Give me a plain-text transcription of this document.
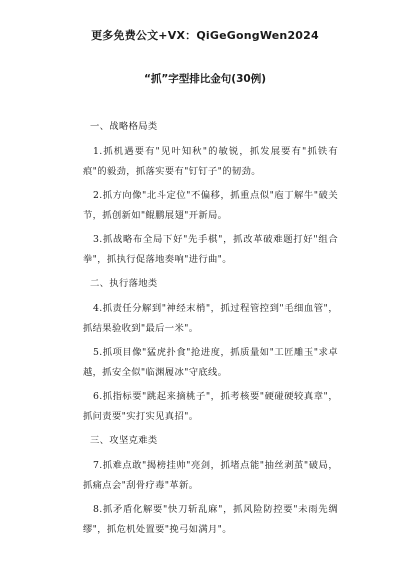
更多免费公文+VX：QiGeGongWen2024
“抓”字型排比金句(30例)
一、战略格局类

1.抓机遇要有"见叶知秋"的敏锐，抓发展要有"抓铁有痕"的毅劲，抓落实要有"钉钉子"的韧劲。

2.抓方向像"北斗定位"不偏移，抓重点似"庖丁解牛"破关节，抓创新如"鲲鹏展翅"开新局。

3.抓战略布全局下好"先手棋"，抓改革破难题打好"组合拳"，抓执行促落地奏响"进行曲"。

二、执行落地类

4.抓责任分解到"神经末梢"，抓过程管控到"毛细血管"，抓结果验收到"最后一米"。

5.抓项目像"猛虎扑食"抢进度，抓质量如"工匠雕玉"求卓越，抓安全似"临渊履冰"守底线。

6.抓指标要"跳起来摘桃子"，抓考核要"硬碰硬较真章"，抓问责要"实打实见真招"。

三、攻坚克难类

7.抓难点敢"揭榜挂帅"亮剑，抓堵点能"抽丝剥茧"破局，抓痛点会"刮骨疗毒"革新。

8.抓矛盾化解要"快刀斩乱麻"，抓风险防控要"未雨先绸缪"，抓危机处置要"挽弓如满月"。
